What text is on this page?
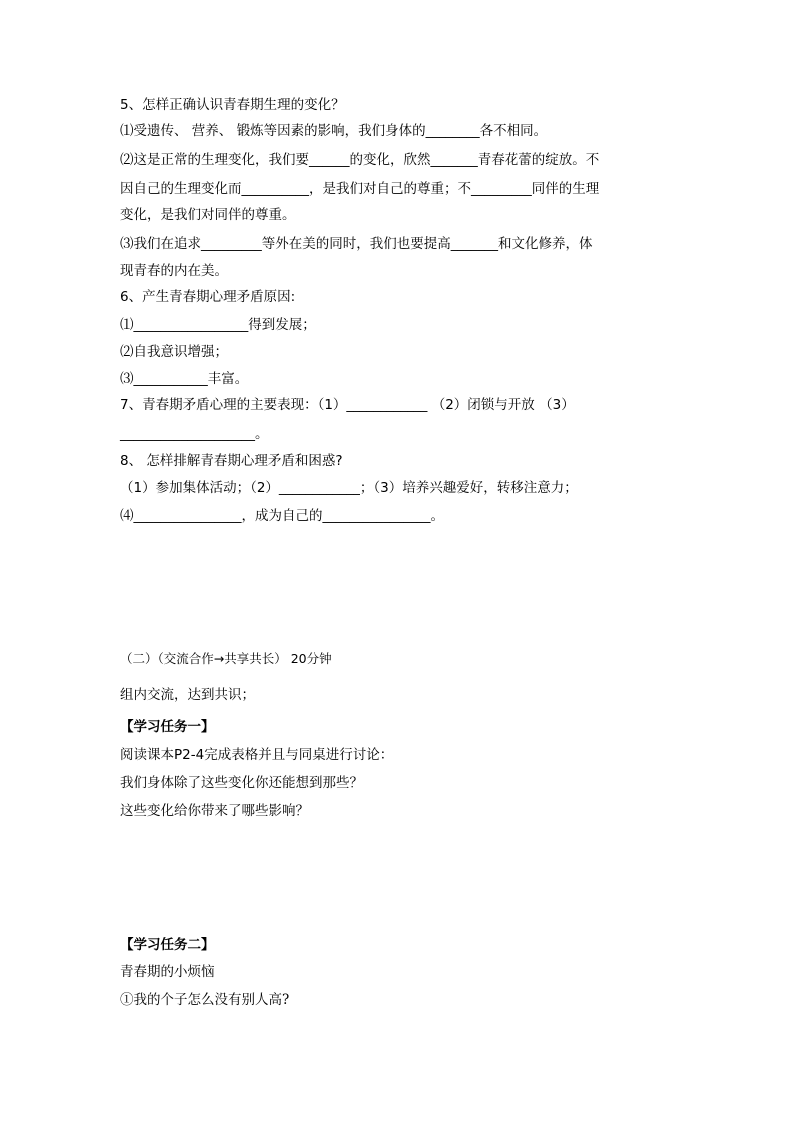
5、怎样正确认识青春期生理的变化？
⑴受遗传、 营养、 锻炼等因素的影响，我们身体的________各不相同。
⑵这是正常的生理变化，我们要______的变化，欣然_______青春花蕾的绽放。不
因自己的生理变化而__________，是我们对自己的尊重；不_________同伴的生理
变化，是我们对同伴的尊重。
⑶我们在追求_________等外在美的同时，我们也要提高_______和文化修养，体
现青春的内在美。
6、产生青春期心理矛盾原因:
⑴_________________得到发展；
⑵自我意识增强；
⑶___________丰富。
7、青春期矛盾心理的主要表现：（1）____________ （2）闭锁与开放 （3）
____________________。
8、 怎样排解青春期心理矛盾和困惑?
（1）参加集体活动；（2）____________；（3）培养兴趣爱好，转移注意力；
⑷________________，成为自己的________________。
（二）（交流合作→共享共长） 20分钟
组内交流，达到共识；
【学习任务一】
阅读课本P2-4完成表格并且与同桌进行讨论：
我们身体除了这些变化你还能想到那些？
这些变化给你带来了哪些影响？
【学习任务二】
青春期的小烦恼
①我的个子怎么没有别人高?
